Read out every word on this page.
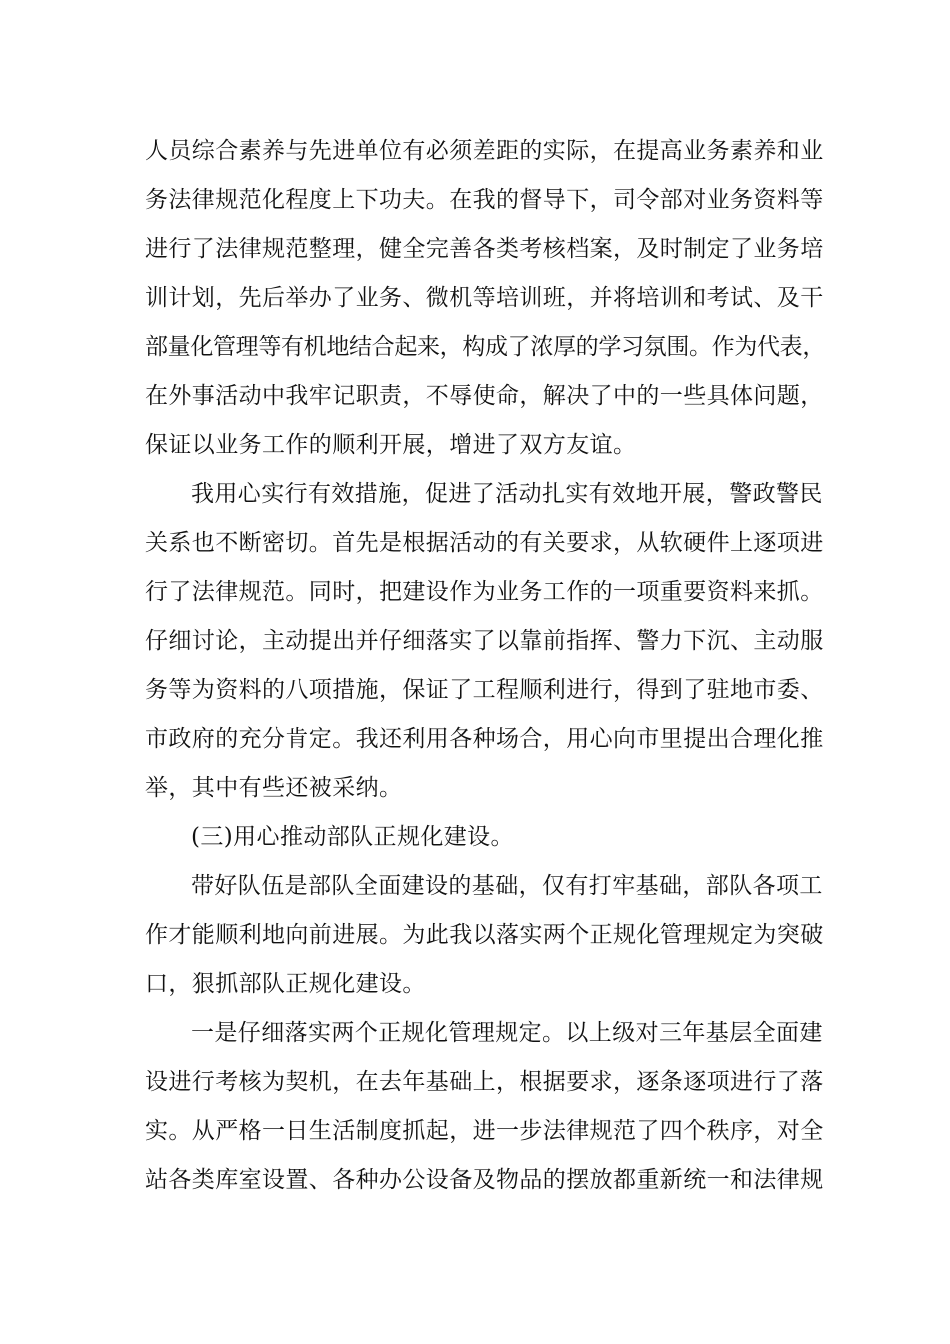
人员综合素养与先进单位有必须差距的实际，在提高业务素养和业
务法律规范化程度上下功夫。在我的督导下，司令部对业务资料等
进行了法律规范整理，健全完善各类考核档案，及时制定了业务培
训计划，先后举办了业务、微机等培训班，并将培训和考试、及干
部量化管理等有机地结合起来，构成了浓厚的学习氛围。作为代表，
在外事活动中我牢记职责，不辱使命，解决了中的一些具体问题，
保证以业务工作的顺利开展，增进了双方友谊。
我用心实行有效措施，促进了活动扎实有效地开展，警政警民
关系也不断密切。首先是根据活动的有关要求，从软硬件上逐项进
行了法律规范。同时，把建设作为业务工作的一项重要资料来抓。
仔细讨论，主动提出并仔细落实了以靠前指挥、警力下沉、主动服
务等为资料的八项措施，保证了工程顺利进行，得到了驻地市委、
市政府的充分肯定。我还利用各种场合，用心向市里提出合理化推
举，其中有些还被采纳。
(三)用心推动部队正规化建设。
带好队伍是部队全面建设的基础，仅有打牢基础，部队各项工
作才能顺利地向前进展。为此我以落实两个正规化管理规定为突破
口，狠抓部队正规化建设。
一是仔细落实两个正规化管理规定。以上级对三年基层全面建
设进行考核为契机，在去年基础上，根据要求，逐条逐项进行了落
实。从严格一日生活制度抓起，进一步法律规范了四个秩序，对全
站各类库室设置、各种办公设备及物品的摆放都重新统一和法律规
